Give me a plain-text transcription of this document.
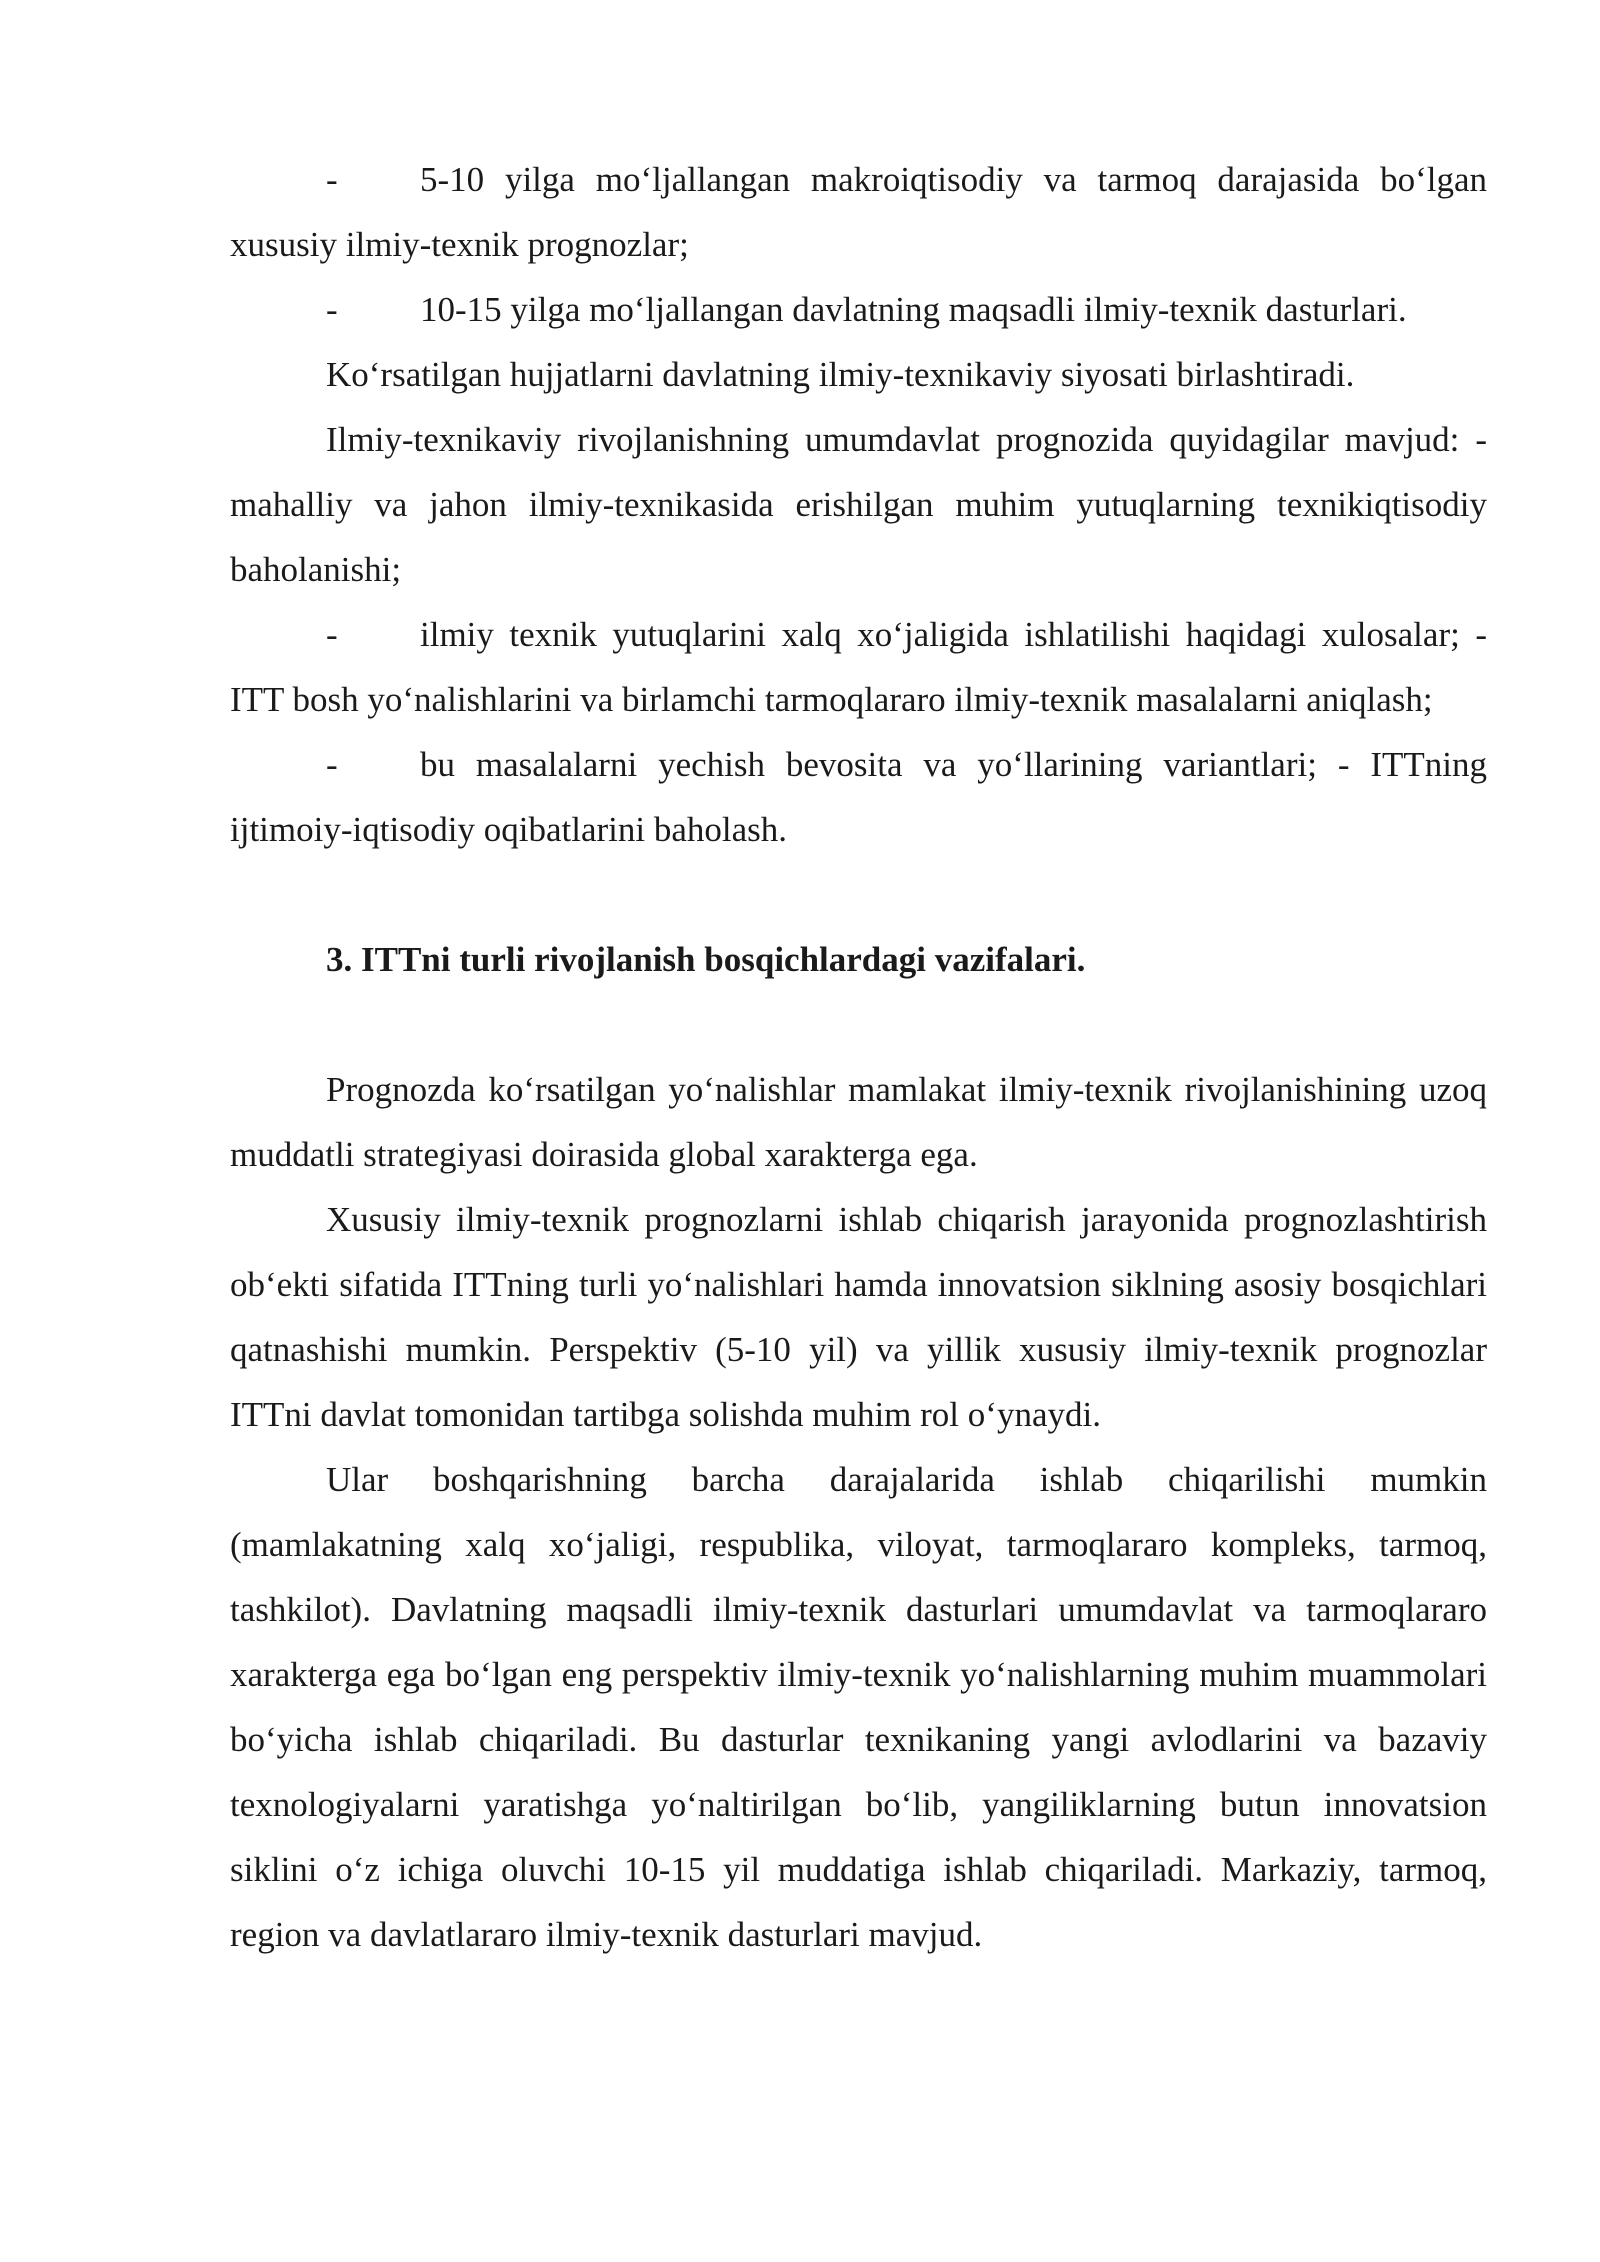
- 5-10 yilga mo‘ljallangan makroiqtisodiy va tarmoq darajasida bo‘lgan xususiy ilmiy-texnik prognozlar;

- 10-15 yilga mo‘ljallangan davlatning maqsadli ilmiy-texnik dasturlari.

Ko‘rsatilgan hujjatlarni davlatning ilmiy-texnikaviy siyosati birlashtiradi.

Ilmiy-texnikaviy rivojlanishning umumdavlat prognozida quyidagilar mavjud: - mahalliy va jahon ilmiy-texnikasida erishilgan muhim yutuqlarning texnikiqtisodiy baholanishi;

- ilmiy texnik yutuqlarini xalq xo‘jaligida ishlatilishi haqidagi xulosalar; - ITT bosh yo‘nalishlarini va birlamchi tarmoqlararo ilmiy-texnik masalalarni aniqlash;

- bu masalalarni yechish bevosita va yo‘llarining variantlari; - ITTning ijtimoiy-iqtisodiy oqibatlarini baholash.

3. ITTni turli rivojlanish bosqichlardagi vazifalari.

Prognozda ko‘rsatilgan yo‘nalishlar mamlakat ilmiy-texnik rivojlanishining uzoq muddatli strategiyasi doirasida global xarakterga ega.

Xususiy ilmiy-texnik prognozlarni ishlab chiqarish jarayonida prognozlashtirish ob‘ekti sifatida ITTning turli yo‘nalishlari hamda innovatsion siklning asosiy bosqichlari qatnashishi mumkin. Perspektiv (5-10 yil) va yillik xususiy ilmiy-texnik prognozlar ITTni davlat tomonidan tartibga solishda muhim rol o‘ynaydi.

Ular boshqarishning barcha darajalarida ishlab chiqarilishi mumkin (mamlakatning xalq xo‘jaligi, respublika, viloyat, tarmoqlararo kompleks, tarmoq, tashkilot). Davlatning maqsadli ilmiy-texnik dasturlari umumdavlat va tarmoqlararo xarakterga ega bo‘lgan eng perspektiv ilmiy-texnik yo‘nalishlarning muhim muammolari bo‘yicha ishlab chiqariladi. Bu dasturlar texnikaning yangi avlodlarini va bazaviy texnologiyalarni yaratishga yo‘naltirilgan bo‘lib, yangiliklarning butun innovatsion siklini o‘z ichiga oluvchi 10-15 yil muddatiga ishlab chiqariladi. Markaziy, tarmoq, region va davlatlararo ilmiy-texnik dasturlari mavjud.
